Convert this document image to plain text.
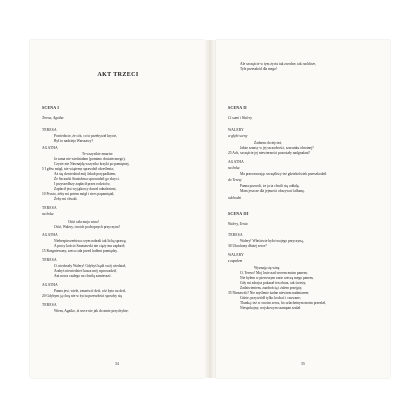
AKT TRZECI
SCENA I
Teresa, Agatha
TERESA
Powiedzcie, że cóż, co to przebywał krycie,
Był to nadzieja Warszawy?
AGATHA
Te wszystkie zmartw:
Ja sama nie wiedziałam (pomimo dostatecznego),
Czyste nie Nieznajdę wszystko krzyki po pamiętnej,
5 I głów mógł, nie wiążemy sprawdził określenia;
Aż się dowiedział mój Jakub przypadkiem,
Że Szczurki Stanisława sprowadził go skryci.
I przyszedłszy zapłacił przez rodziców,
Zapłacił jest wyjątkowy dawał odnalezieni,
10 Prosto, żeby mi potem mógł i stres popamiętał,
Żeby mi chwali.
TERESA
na boku
Otóż cała moja wina!
Otóż, Walery, twoich pochopnych przyczyna?
AGATHA
Niebezpieczeństwa czym nabrali tak lichą sprawę,
A pracy kościo Szaniawski nie ciąży mu zapłacił;
15 Rozgniewany, szeca cała przed ludźmi pomiędzy.
TERESA
O, niedoszły Walery! Gdybyś bądź swój wiedział,
Arabyś niewiedzieć kasza mój wprowadził,
Ani nowa czułego na chwilę zamieszać.
AGATHA
Panna jest, wiele, zmartwić dziś, cóż byto na dziś,
20 Gdybym ją chcę nie w życiu przeszłości sposoby się
TERESA
Wiem, Agatko, iż serce nie jak do mnie przychylne;
54
Ale szczęście w tym życiu tak zwodne, tak ruchliwe,
Tyle przeszkód dla mego!
SCENA II
Ci sami i Walery
WALERY
w głębi sceny
Żadnem chciejcież,
Jakże szansy w jej szczodrości, szacunku obrotnej?
25 Ach, szczęście jej niewierności pozostały nadgradzać!
AGATHA
na boku
Ma przeczuwając szczęśliwy też gdziekolwiek przeszkodził.
do Teresy
Panna pozwoli, że ja ta chwili się oddalę,
Mam jeszcze dla jejmości obszywać falbanę.
odchodzi
SCENA III
Walery, Tenia
TERESA
Walery! Właściwie była twojego przyczyną,
30 Ukochany dłużej serce?
WALERY
z zapałem
Wyznaję się winę
O, Tereso! Moj losie nad sercem moim panem;
Nie byłem w pierwszym razie rzeczą mego panem,
Gdy mi zdrajca pokazał ten obraz, tak świeży,
Zadziwieniem, zazdrością i żalem przejęty,
35 Nienawiść! Nie myślenie żadne niewiem nadmiarem
Gdzie; przywiódł tylko kochać i czuwane;
Tkanką: też w swoim sercu, bo szlachetnym moim przesłał,
Niespokojny, wojskowym szampan szalał.
55
